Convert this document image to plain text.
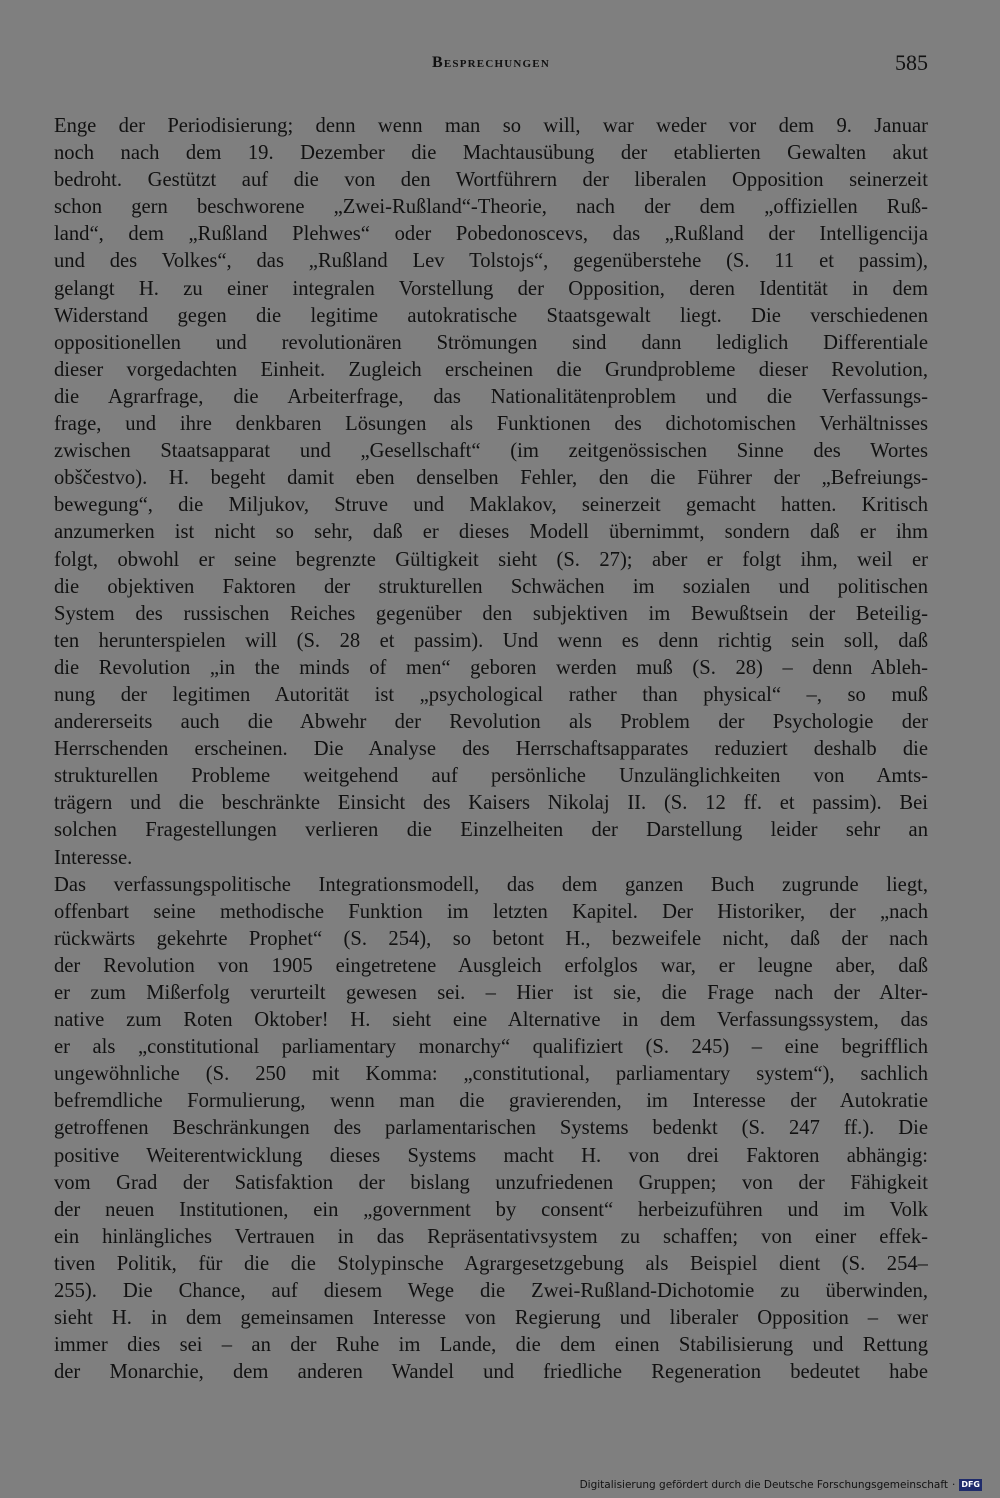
Besprechungen	585
Enge der Periodisierung; denn wenn man so will, war weder vor dem 9. Januar
noch nach dem 19. Dezember die Machtausübung der etablierten Gewalten akut
bedroht. Gestützt auf die von den Wortführern der liberalen Opposition seinerzeit
schon gern beschworene „Zwei-Rußland“-Theorie, nach der dem „offiziellen Ruß-
land“, dem „Rußland Plehwes“ oder Pobedonoscevs, das „Rußland der Intelligencija
und des Volkes“, das „Rußland Lev Tolstojs“, gegenüberstehe (S. 11 et passim),
gelangt H. zu einer integralen Vorstellung der Opposition, deren Identität in dem
Widerstand gegen die legitime autokratische Staatsgewalt liegt. Die verschiedenen
oppositionellen und revolutionären Strömungen sind dann lediglich Differentiale
dieser vorgedachten Einheit. Zugleich erscheinen die Grundprobleme dieser Revolution,
die Agrarfrage, die Arbeiterfrage, das Nationalitätenproblem und die Verfassungs-
frage, und ihre denkbaren Lösungen als Funktionen des dichotomischen Verhältnisses
zwischen Staatsapparat und „Gesellschaft“ (im zeitgenössischen Sinne des Wortes
obščestvo). H. begeht damit eben denselben Fehler, den die Führer der „Befreiungs-
bewegung“, die Miljukov, Struve und Maklakov, seinerzeit gemacht hatten. Kritisch
anzumerken ist nicht so sehr, daß er dieses Modell übernimmt, sondern daß er ihm
folgt, obwohl er seine begrenzte Gültigkeit sieht (S. 27); aber er folgt ihm, weil er
die objektiven Faktoren der strukturellen Schwächen im sozialen und politischen
System des russischen Reiches gegenüber den subjektiven im Bewußtsein der Beteilig-
ten herunterspielen will (S. 28 et passim). Und wenn es denn richtig sein soll, daß
die Revolution „in the minds of men“ geboren werden muß (S. 28) – denn Ableh-
nung der legitimen Autorität ist „psychological rather than physical“ –, so muß
andererseits auch die Abwehr der Revolution als Problem der Psychologie der
Herrschenden erscheinen. Die Analyse des Herrschaftsapparates reduziert deshalb die
strukturellen Probleme weitgehend auf persönliche Unzulänglichkeiten von Amts-
trägern und die beschränkte Einsicht des Kaisers Nikolaj II. (S. 12 ff. et passim). Bei
solchen Fragestellungen verlieren die Einzelheiten der Darstellung leider sehr an
Interesse.
Das verfassungspolitische Integrationsmodell, das dem ganzen Buch zugrunde liegt,
offenbart seine methodische Funktion im letzten Kapitel. Der Historiker, der „nach
rückwärts gekehrte Prophet“ (S. 254), so betont H., bezweifele nicht, daß der nach
der Revolution von 1905 eingetretene Ausgleich erfolglos war, er leugne aber, daß
er zum Mißerfolg verurteilt gewesen sei. – Hier ist sie, die Frage nach der Alter-
native zum Roten Oktober! H. sieht eine Alternative in dem Verfassungssystem, das
er als „constitutional parliamentary monarchy“ qualifiziert (S. 245) – eine begrifflich
ungewöhnliche (S. 250 mit Komma: „constitutional, parliamentary system“), sachlich
befremdliche Formulierung, wenn man die gravierenden, im Interesse der Autokratie
getroffenen Beschränkungen des parlamentarischen Systems bedenkt (S. 247 ff.). Die
positive Weiterentwicklung dieses Systems macht H. von drei Faktoren abhängig:
vom Grad der Satisfaktion der bislang unzufriedenen Gruppen; von der Fähigkeit
der neuen Institutionen, ein „government by consent“ herbeizuführen und im Volk
ein hinlängliches Vertrauen in das Repräsentativsystem zu schaffen; von einer effek-
tiven Politik, für die die Stolypinsche Agrargesetzgebung als Beispiel dient (S. 254–
255). Die Chance, auf diesem Wege die Zwei-Rußland-Dichotomie zu überwinden,
sieht H. in dem gemeinsamen Interesse von Regierung und liberaler Opposition – wer
immer dies sei – an der Ruhe im Lande, die dem einen Stabilisierung und Rettung
der Monarchie, dem anderen Wandel und friedliche Regeneration bedeutet habe
Digitalisierung gefördert durch die Deutsche Forschungsgemeinschaft · DFG
